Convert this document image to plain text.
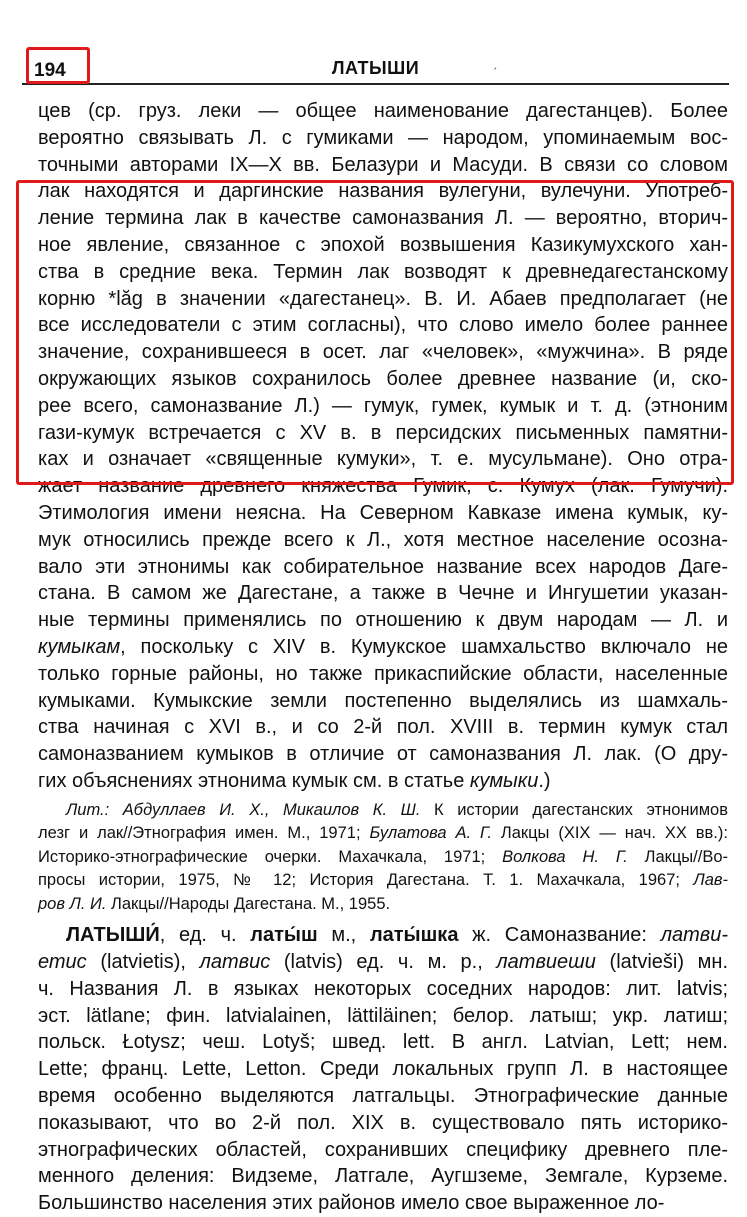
194	ЛАТЫШИ	ˏ
цев (ср. груз. леки — общее наименование дагестанцев). Более
вероятно связывать Л. с гумиками — народом, упоминаемым вос-
точными авторами IX—X вв. Белазури и Масуди. В связи со словом
лак находятся и даргинские названия вулегуни, вулечуни. Употреб-
ление термина лак в качестве самоназвания Л. — вероятно, вторич-
ное явление, связанное с эпохой возвышения Казикумухского хан-
ства в средние века. Термин лак возводят к древнедагестанскому
корню *lăg в значении «дагестанец». В. И. Абаев предполагает (не
все исследователи с этим согласны), что слово имело более раннее
значение, сохранившееся в осет. лаг «человек», «мужчина». В ряде
окружающих языков сохранилось более древнее название (и, ско-
рее всего, самоназвание Л.) — гумук, гумек, кумык и т. д. (этноним
гази-кумук встречается с XV в. в персидских письменных памятни-
ках и означает «священные кумуки», т. е. мусульмане). Оно отра-
жает название древнего княжества Гумик, с. Кумух (лак. Гумучи).
Этимология имени неясна. На Северном Кавказе имена кумык, ку-
мук относились прежде всего к Л., хотя местное население осозна-
вало эти этнонимы как собирательное название всех народов Даге-
стана. В самом же Дагестане, а также в Чечне и Ингушетии указан-
ные термины применялись по отношению к двум народам — Л. и
кумыкам, поскольку с XIV в. Кумукское шамхальство включало не
только горные районы, но также прикаспийские области, населенные
кумыками. Кумыкские земли постепенно выделялись из шамхаль-
ства начиная с XVI в., и со 2-й пол. XVIII в. термин кумук стал
самоназванием кумыков в отличие от самоназвания Л. лак. (О дру-
гих объяснениях этнонима кумык см. в статье кумыки.)
Лит.: Абдуллаев И. Х., Микаилов К. Ш. К истории дагестанских этнонимов
лезг и лак//Этнография имен. М., 1971; Булатова А. Г. Лакцы (XIX — нач. XX вв.):
Историко-этнографические очерки. Махачкала, 1971; Волкова Н. Г. Лакцы//Во-
просы истории, 1975, № 12; История Дагестана. Т. 1. Махачкала, 1967; Лав-
ров Л. И. Лакцы//Народы Дагестана. М., 1955.
ЛАТЫШИ́, ед. ч. латы́ш м., латы́шка ж. Самоназвание: латви-
етис (latvietis), латвис (latvis) ед. ч. м. р., латвиеши (latvieši) мн.
ч. Названия Л. в языках некоторых соседних народов: лит. latvis;
эст. lätlane; фин. latvialainen, lättiläinen; белор. латыш; укр. латиш;
польск. Łotysz; чеш. Lotyš; швед. lett. В англ. Latvian, Lett; нем.
Lette; франц. Lette, Letton. Среди локальных групп Л. в настоящее
время особенно выделяются латгальцы. Этнографические данные
показывают, что во 2-й пол. XIX в. существовало пять историко-
этнографических областей, сохранивших специфику древнего пле-
менного деления: Видземе, Латгале, Аугшземе, Земгале, Курземе.
Большинство населения этих районов имело свое выраженное ло-
